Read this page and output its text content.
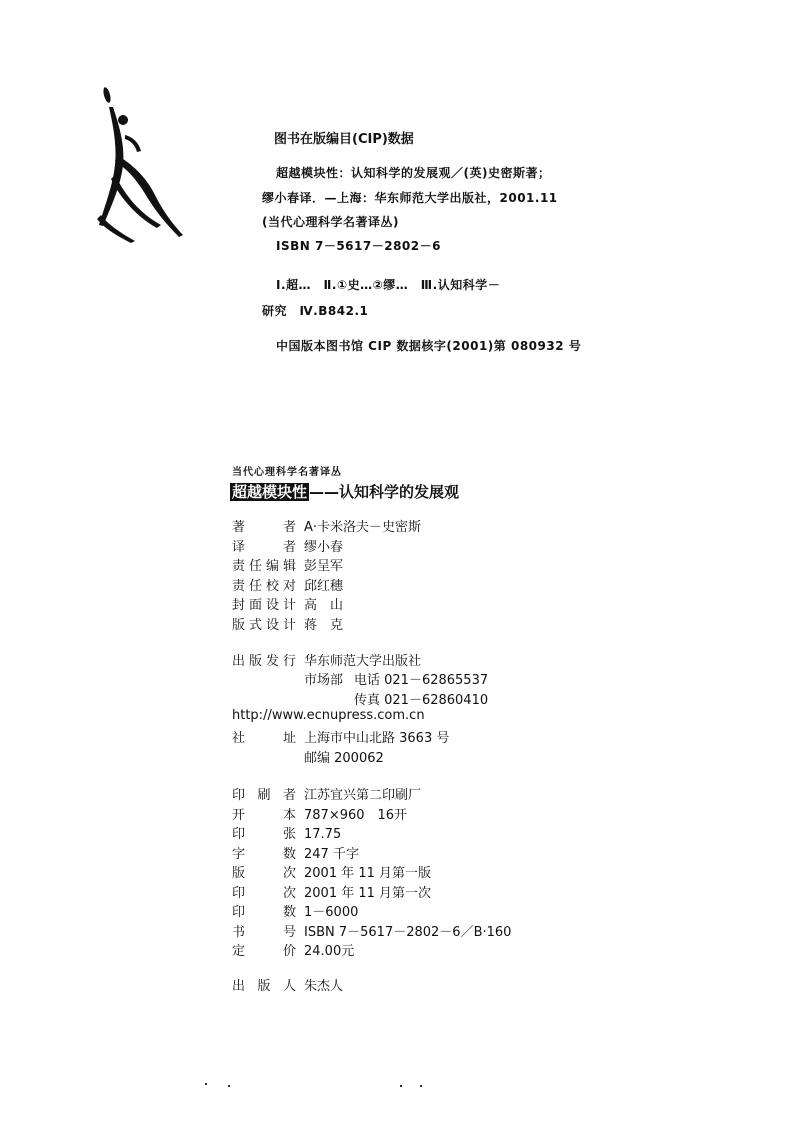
图书在版编目(CIP)数据
超越模块性：认知科学的发展观／(英)史密斯著；
缪小春译．—上海：华东师范大学出版社，2001.11
(当代心理科学名著译丛)
ISBN 7－5617－2802－6
Ⅰ.超…　Ⅱ.①史…②缪…　Ⅲ.认知科学－
研究　Ⅳ.B842.1
中国版本图书馆 CIP 数据核字(2001)第 080932 号
当代心理科学名著译丛
超越模块性 ——认知科学的发展观
著　　者 A·卡米洛夫－史密斯
译　　者 缪小春
责任编辑 彭呈军
责任校对 邱红穗
封面设计 高　山
版式设计 蒋　克
出版发行 华东师范大学出版社
市场部 电话 021－62865537
传真 021－62860410
http://www.ecnupress.com.cn
社　　址 上海市中山北路 3663 号
邮编 200062
印 刷 者 江苏宜兴第二印刷厂
开　　本 787×960　16开
印　　张 17.75
字　　数 247 千字
版　　次 2001 年 11 月第一版
印　　次 2001 年 11 月第一次
印　　数 1－6000
书　　号 ISBN 7－5617－2802－6／B·160
定　　价 24.00元
出 版 人 朱杰人
